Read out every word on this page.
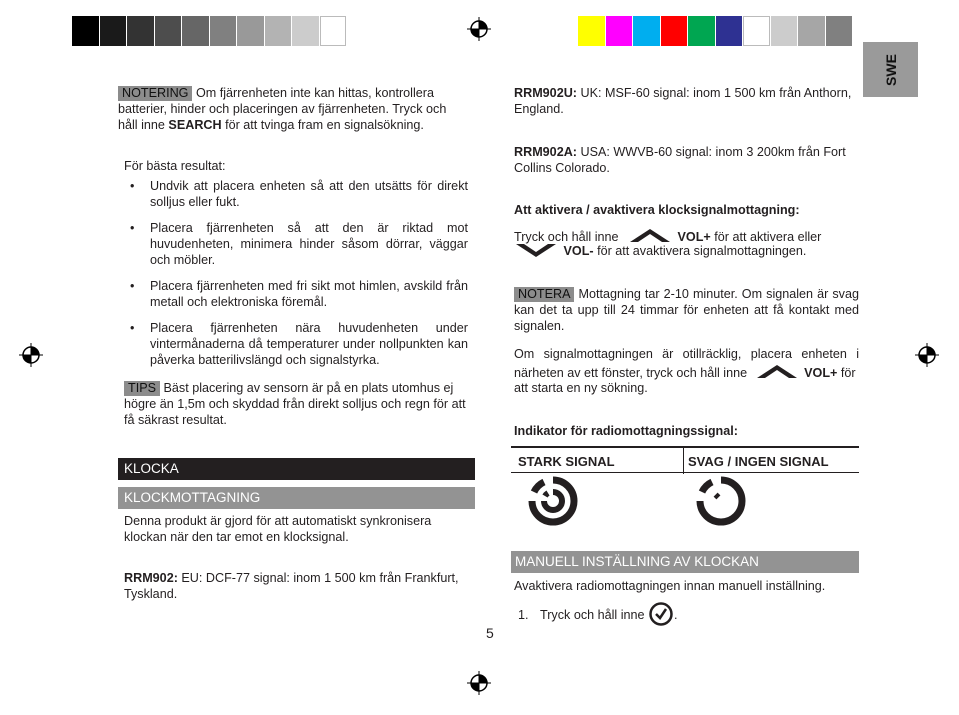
SWE
NOTERING Om fjärrenheten inte kan hittas, kontrollera batterier, hinder och placeringen av fjärrenheten. Tryck och håll inne SEARCH för att tvinga fram en signalsökning.
För bästa resultat:
• Undvik att placera enheten så att den utsätts för direkt solljus eller fukt.
• Placera fjärrenheten så att den är riktad mot huvudenheten, minimera hinder såsom dörrar, väggar och möbler.
• Placera fjärrenheten med fri sikt mot himlen, avskild från metall och elektroniska föremål.
• Placera fjärrenheten nära huvudenheten under vintermånaderna då temperaturer under nollpunkten kan påverka batterilivslängd och signalstyrka.
TIPS Bäst placering av sensorn är på en plats utomhus ej högre än 1,5m och skyddad från direkt solljus och regn för att få säkrast resultat.
KLOCKA
KLOCKMOTTAGNING
Denna produkt är gjord för att automatiskt synkronisera klockan när den tar emot en klocksignal.
RRM902: EU: DCF-77 signal: inom 1 500 km från Frankfurt, Tyskland.
5
RRM902U: UK: MSF-60 signal: inom 1 500 km från Anthorn, England.
RRM902A: USA: WWVB-60 signal: inom 3 200km från Fort Collins Colorado.
Att aktivera / avaktivera klocksignalmottagning:
Tryck och håll inne	VOL+ för att aktivera eller
VOL- för att avaktivera signalmottagningen.
NOTERA Mottagning tar 2-10 minuter. Om signalen är svag kan det ta upp till 24 timmar för enheten att få kontakt med signalen.
Om signalmottagningen är otillräcklig, placera enheten i
närheten av ett fönster, tryck och håll inne	VOL+ för
att starta en ny sökning.
Indikator för radiomottagningssignal:
STARK SIGNAL	SVAG / INGEN SIGNAL
MANUELL INSTÄLLNING AV KLOCKAN
Avaktivera radiomottagningen innan manuell inställning.
1. Tryck och håll inne .
